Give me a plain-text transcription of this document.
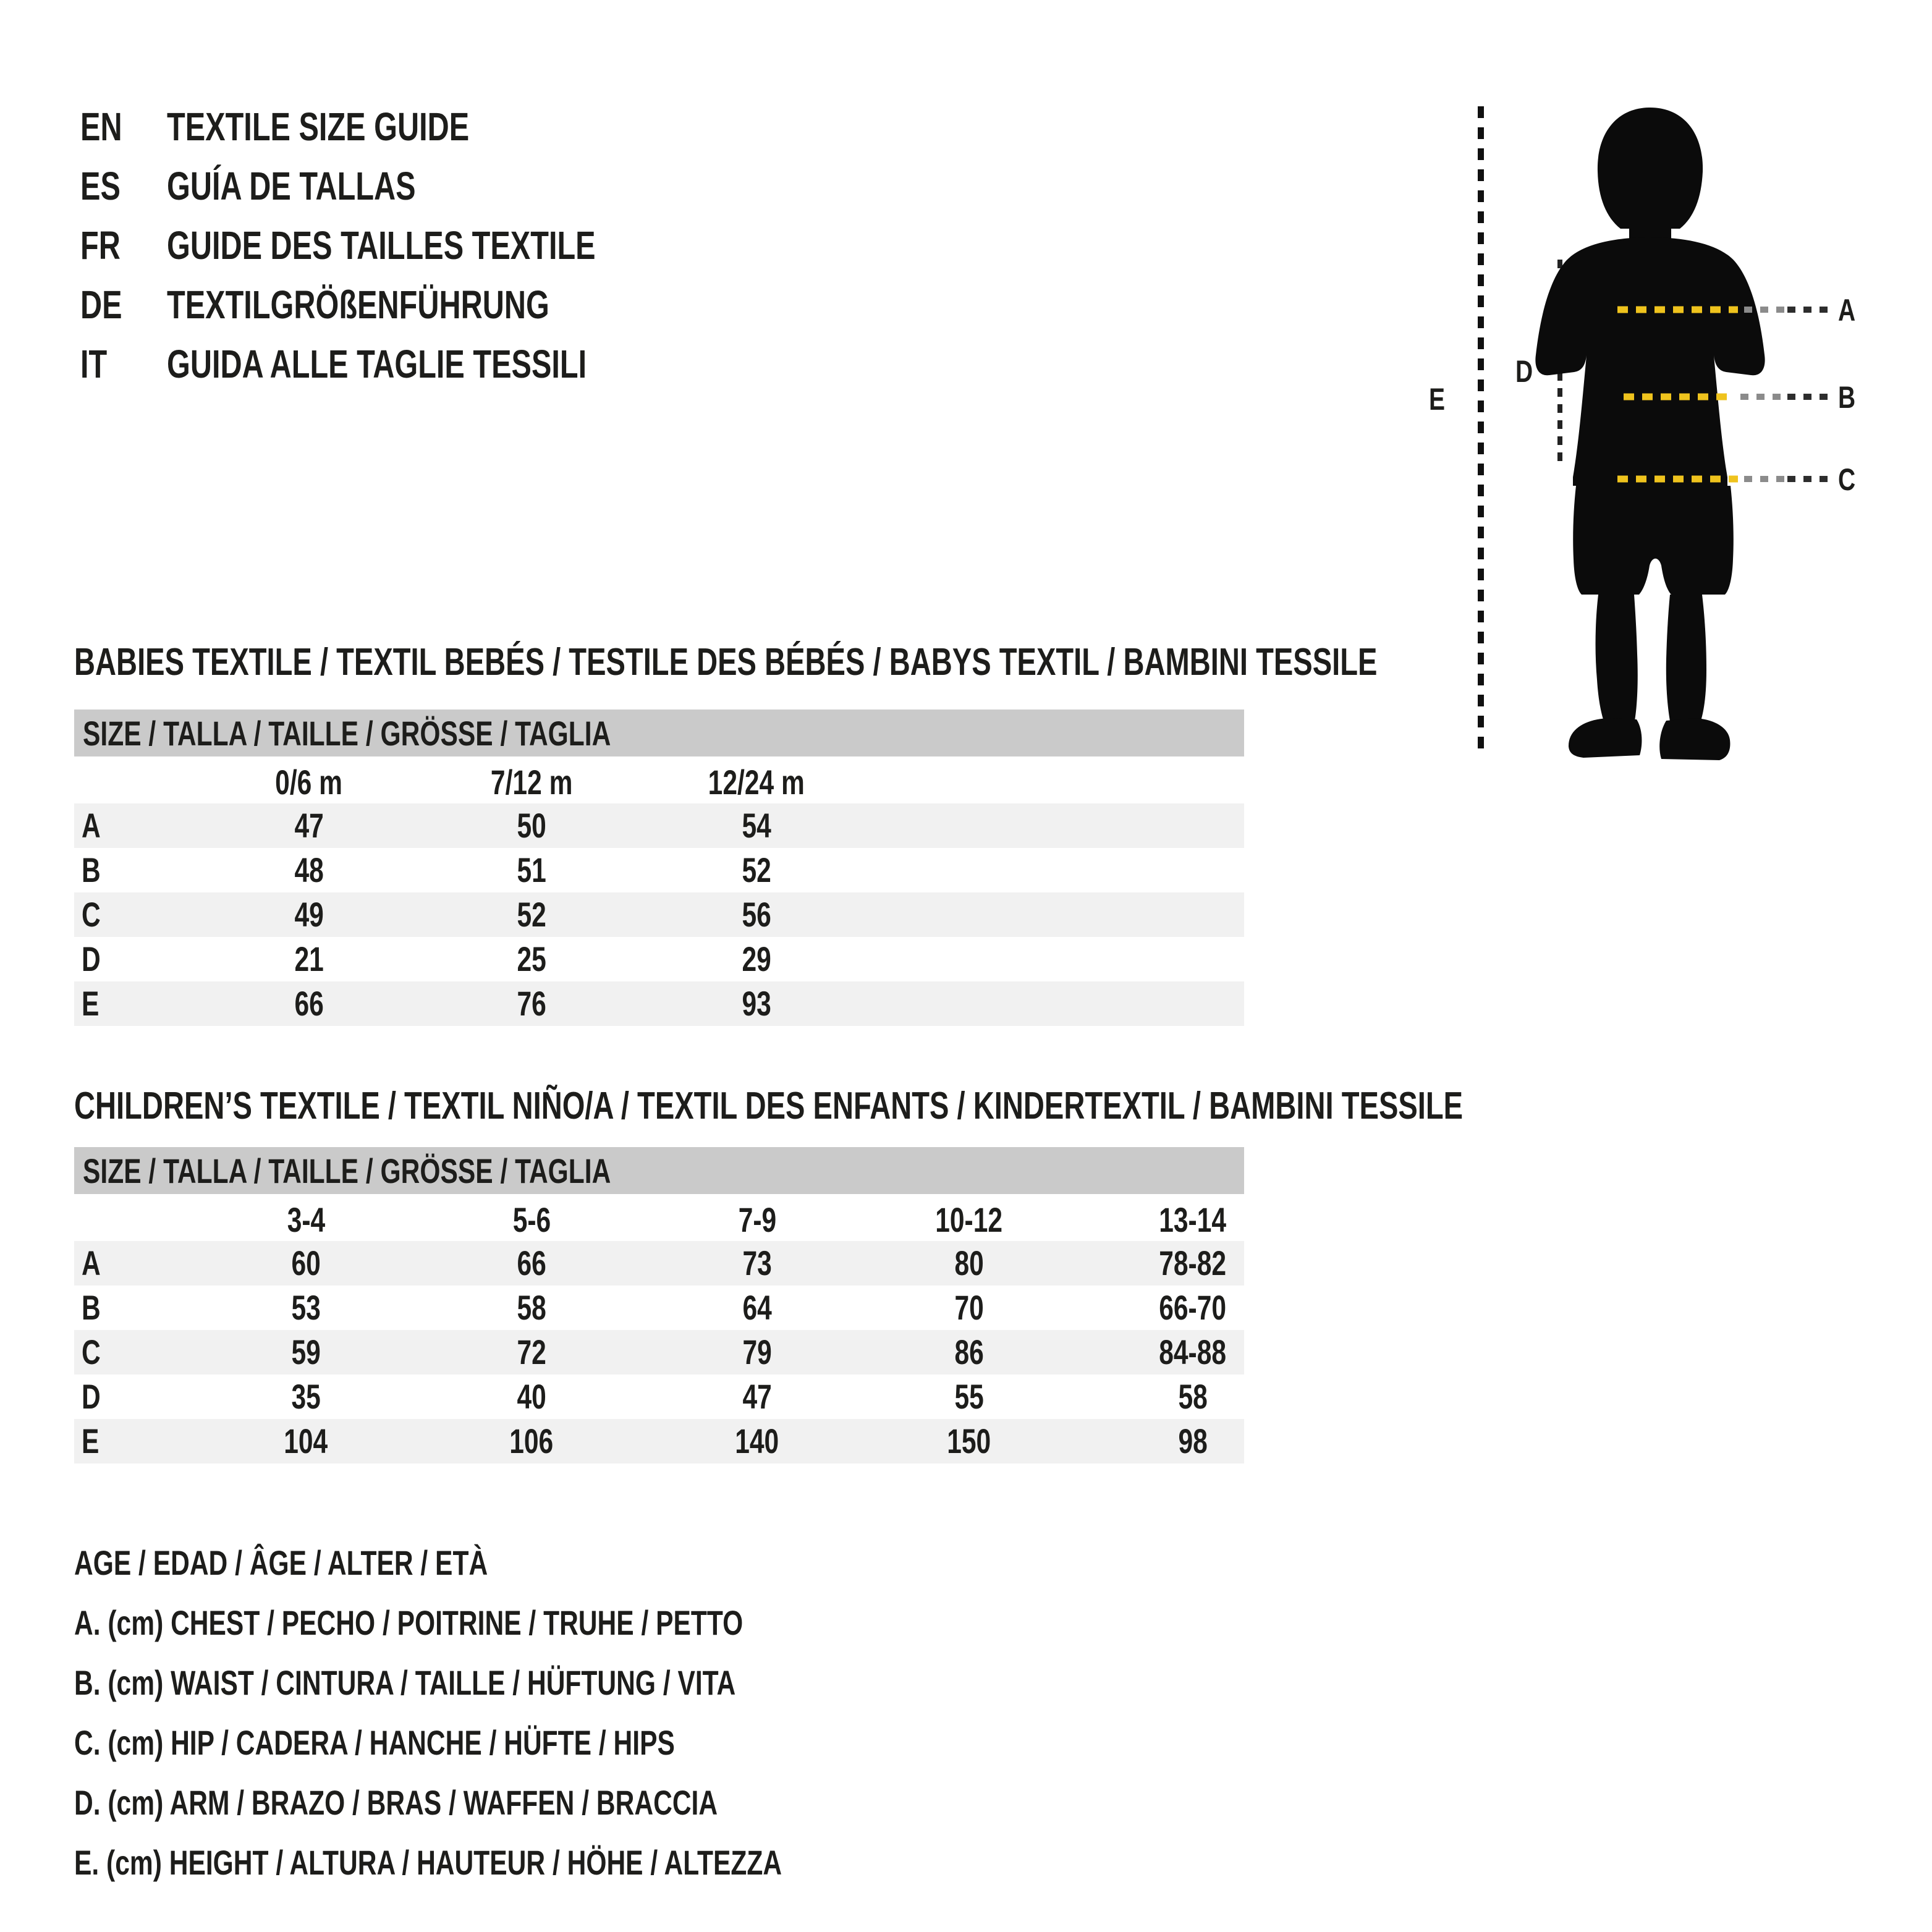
EN	TEXTILE SIZE GUIDE
ES	GUÍA DE TALLAS
FR	GUIDE DES TAILLES TEXTILE
DE	TEXTILGRÖßENFÜHRUNG
IT GUIDA ALLE TAGLIE TESSILI
E
D
A
B
C
BABIES TEXTILE / TEXTIL BEBÉS / TESTILE DES BÉBÉS / BABYS TEXTIL / BAMBINI TESSILE
SIZE / TALLA / TAILLE / GRÖSSE / TAGLIA
0/6 m	7/12 m	12/24 m
A	47	50	54
B	48	51	52
C	49	52	56
D	21	25	29
E	66	76	93
CHILDREN’S TEXTILE / TEXTIL NIÑO/A / TEXTIL DES ENFANTS / KINDERTEXTIL / BAMBINI TESSILE
SIZE / TALLA / TAILLE / GRÖSSE / TAGLIA
3-4	5-6	7-9	10-12	13-14
A	60	66	73	80	78-82
B	53	58	64	70	66-70
C	59	72	79	86	84-88
D	35	40	47	55	58
E	104	106	140	150	98
AGE / EDAD / ÂGE / ALTER / ETÀ
A. (cm) CHEST / PECHO / POITRINE / TRUHE / PETTO
B. (cm) WAIST / CINTURA / TAILLE / HÜFTUNG / VITA
C. (cm) HIP / CADERA / HANCHE / HÜFTE / HIPS
D. (cm) ARM / BRAZO / BRAS / WAFFEN / BRACCIA
E. (cm) HEIGHT / ALTURA / HAUTEUR / HÖHE / ALTEZZA
